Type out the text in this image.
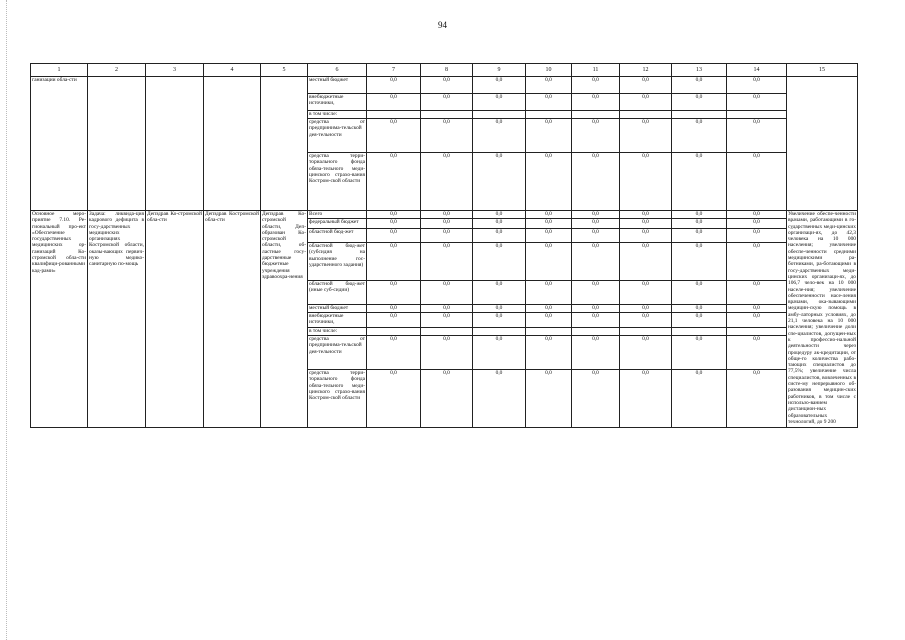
94
1	2	3	4	5	6	7	8	9	10	11	12	13	14	15
ганизации обла-сти					местный бюджет	0,0	0,0	0,0	0,0	0,0	0,0	0,0	0,0	
					внебюджетные источники,	0,0	0,0	0,0	0,0	0,0	0,0	0,0	0,0	
					в том числе:									
					средства от предпринима-тельской дея-тельности	0,0	0,0	0,0	0,0	0,0	0,0	0,0	0,0	
					средства терри-ториального фонда обяза-тельного меди-цинского страхо-вания Костром-ской области	0,0	0,0	0,0	0,0	0,0	0,0	0,0	0,0	
Основное меро-приятие 7.10. Ре-гиональный про-ект «Обеспечение государственных медицинских ор-ганизаций Ко-стромской обла-сти квалифици-рованными кад-рами»	Задача: ликвида-ция кадрового дефицита в госу-дарственных медицинских организациях Костромской области, оказы-вающих первич-ную медико-санитарную по-мощь	Депздрав Ко-стромской обла-сти	Депздрав Костромской обла-сти	Депздрав Ко-стромской области, Деп-образован Ко-стромской области, об-ластные госу-дарственные бюджетные учреждения здравоохра-нения	Всего	0,0	0,0	0,0	0,0	0,0	0,0	0,0	0,0	Увеличение обеспе-ченности врачами, работающими в го-сударственных меди-цинских организаци-ях, до 42,3 человека на 10 000 населения; увеличение обеспе-ченности средними медицинскими ра-ботниками, ра-ботающими в госу-дарственных меди-цинских организаци-ях, до 106,7 чело-век на 10 000 населе-ния; увеличение обеспеченности насе-ления врачами, ока-зывающими медицин-скую помощь в амбу-латорных условиях, до 21,1 человека на 10 000 населения; увеличение доли спе-циалистов, допущен-ных к профессио-нальной деятельности через процедуру ак-кредитации, от обще-го количества рабо-тающих специалистов до 77,5%; увеличение числа специалистов, вовлеченных в систе-му непрерывного об-разования медицин-ских работников, в том числе с использо-ванием дистанцион-ных образовательных технологий, до 9 200
					федеральный бюджет	0,0	0,0	0,0	0,0	0,0	0,0	0,0	0,0	
					областной бюд-жет	0,0	0,0	0,0	0,0	0,0	0,0	0,0	0,0	
					областной бюд-жет (субсидия на выполнение гос-ударственного задания)	0,0	0,0	0,0	0,0	0,0	0,0	0,0	0,0	
					областной бюд-жет (иные суб-сидии)	0,0	0,0	0,0	0,0	0,0	0,0	0,0	0,0	
					местный бюджет	0,0	0,0	0,0	0,0	0,0	0,0	0,0	0,0	
					внебюджетные источники,	0,0	0,0	0,0	0,0	0,0	0,0	0,0	0,0	
					в том числе:									
					средства от предпринима-тельской дея-тельности	0,0	0,0	0,0	0,0	0,0	0,0	0,0	0,0	
					средства терри-ториального фонда обяза-тельного меди-цинского страхо-вания Костром-ской области	0,0	0,0	0,0	0,0	0,0	0,0	0,0	0,0	
